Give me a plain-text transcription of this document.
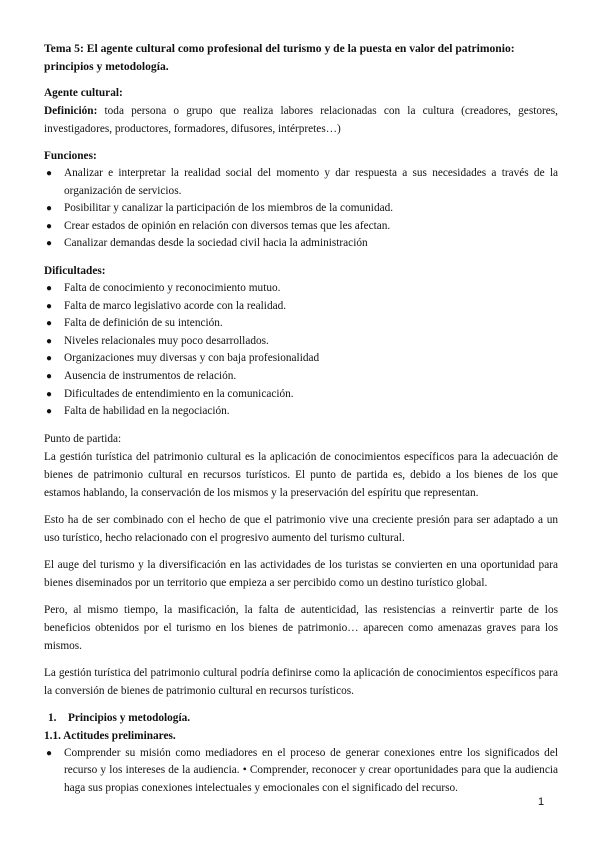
Tema 5: El agente cultural como profesional del turismo y de la puesta en valor del patrimonio: principios y metodología.
Agente cultural:

Definición: toda persona o grupo que realiza labores relacionadas con la cultura (creadores, gestores, investigadores, productores, formadores, difusores, intérpretes…)

Funciones:
● Analizar e interpretar la realidad social del momento y dar respuesta a sus necesidades a través de la organización de servicios.
● Posibilitar y canalizar la participación de los miembros de la comunidad.
● Crear estados de opinión en relación con diversos temas que les afectan.
● Canalizar demandas desde la sociedad civil hacia la administración
Dificultades:
● Falta de conocimiento y reconocimiento mutuo.
● Falta de marco legislativo acorde con la realidad.
● Falta de definición de su intención.
● Niveles relacionales muy poco desarrollados.
● Organizaciones muy diversas y con baja profesionalidad
● Ausencia de instrumentos de relación.
● Dificultades de entendimiento en la comunicación.
● Falta de habilidad en la negociación.

Punto de partida:

La gestión turística del patrimonio cultural es la aplicación de conocimientos específicos para la adecuación de bienes de patrimonio cultural en recursos turísticos. El punto de partida es, debido a los bienes de los que estamos hablando, la conservación de los mismos y la preservación del espíritu que representan.

Esto ha de ser combinado con el hecho de que el patrimonio vive una creciente presión para ser adaptado a un uso turístico, hecho relacionado con el progresivo aumento del turismo cultural.

El auge del turismo y la diversificación en las actividades de los turistas se convierten en una oportunidad para bienes diseminados por un territorio que empieza a ser percibido como un destino turístico global.

Pero, al mismo tiempo, la masificación, la falta de autenticidad, las resistencias a reinvertir parte de los beneficios obtenidos por el turismo en los bienes de patrimonio… aparecen como amenazas graves para los mismos.

La gestión turística del patrimonio cultural podría definirse como la aplicación de conocimientos específicos para la conversión de bienes de patrimonio cultural en recursos turísticos.

1. Principios y metodología.
1.1. Actitudes preliminares.
● Comprender su misión como mediadores en el proceso de generar conexiones entre los significados del recurso y los intereses de la audiencia. • Comprender, reconocer y crear oportunidades para que la audiencia haga sus propias conexiones intelectuales y emocionales con el significado del recurso.
1
